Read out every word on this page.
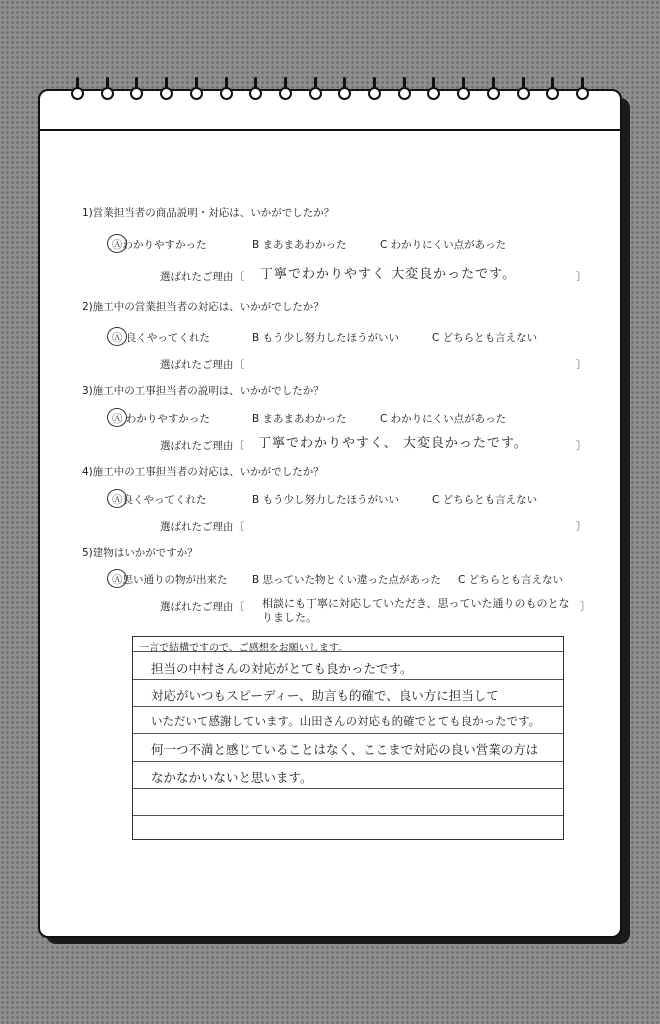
1)営業担当者の商品説明・対応は、いかがでしたか？
Ⓐわかりやすかった	B まあまあわかった	C わかりにくい点があった
選ばれたご理由〔 丁寧でわかりやすく 大変良かったです。	〕
2)施工中の営業担当者の対応は、いかがでしたか？
Ⓐ 良くやってくれた	B もう少し努力したほうがいい	C どちらとも言えない
選ばれたご理由〔	〕
3)施工中の工事担当者の説明は、いかがでしたか？
Ⓐ わかりやすかった	B まあまあわかった	C わかりにくい点があった
選ばれたご理由〔 丁寧でわかりやすく、 大変良かったです。	〕
4)施工中の工事担当者の対応は、いかがでしたか？
Ⓐ良くやってくれた	B もう少し努力したほうがいい	C どちらとも言えない
選ばれたご理由〔	〕
5)建物はいかがですか？
Ⓐ思い通りの物が出来た B 思っていた物とくい違った点があった C どちらとも言えない
選ばれたご理由〔 相談にも丁寧に対応していただき、思っていた通りのものとなりました。
〕
一言で結構ですので、ご感想をお願いします。
担当の中村さんの対応がとても良かったです。
対応がいつもスピーディー、助言も的確で、良い方に担当して
いただいて感謝しています。山田さんの対応も的確でとても良かったです。
何一つ不満と感じていることはなく、ここまで対応の良い営業の方は
なかなかいないと思います。
